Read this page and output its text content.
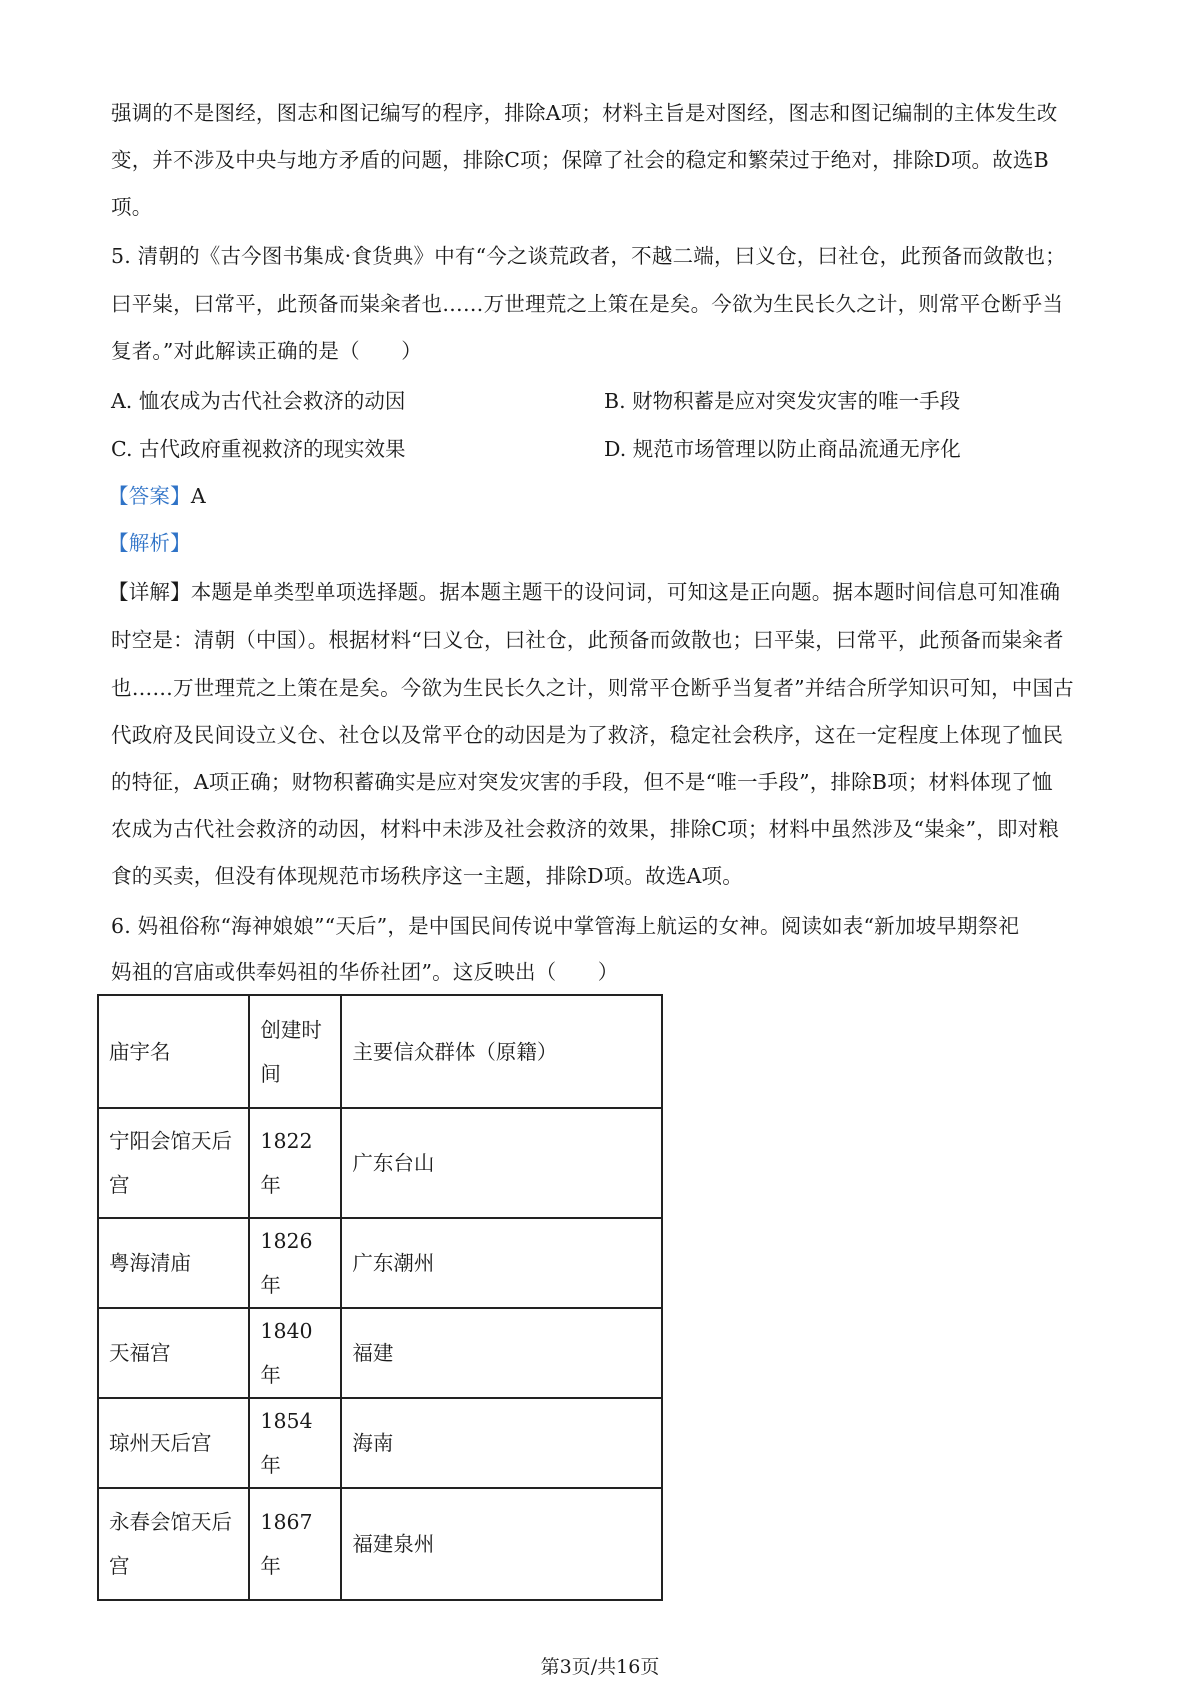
强调的不是图经，图志和图记编写的程序，排除A项；材料主旨是对图经，图志和图记编制的主体发生改
变，并不涉及中央与地方矛盾的问题，排除C项；保障了社会的稳定和繁荣过于绝对，排除D项。故选B
项。
5. 清朝的《古今图书集成·食货典》中有“今之谈荒政者，不越二端，曰义仓，曰社仓，此预备而敛散也；
曰平粜，曰常平，此预备而粜籴者也……万世理荒之上策在是矣。今欲为生民长久之计，则常平仓断乎当
复者。”对此解读正确的是（　　）
A. 恤农成为古代社会救济的动因	B. 财物积蓄是应对突发灾害的唯一手段
C. 古代政府重视救济的现实效果	D. 规范市场管理以防止商品流通无序化
【答案】A
【解析】
【详解】本题是单类型单项选择题。据本题主题干的设问词，可知这是正向题。据本题时间信息可知准确
时空是：清朝（中国）。根据材料“曰义仓，曰社仓，此预备而敛散也；曰平粜，曰常平，此预备而粜籴者
也……万世理荒之上策在是矣。今欲为生民长久之计，则常平仓断乎当复者”并结合所学知识可知，中国古
代政府及民间设立义仓、社仓以及常平仓的动因是为了救济，稳定社会秩序，这在一定程度上体现了恤民
的特征，A项正确；财物积蓄确实是应对突发灾害的手段，但不是“唯一手段”，排除B项；材料体现了恤
农成为古代社会救济的动因，材料中未涉及社会救济的效果，排除C项；材料中虽然涉及“粜籴”，即对粮
食的买卖，但没有体现规范市场秩序这一主题，排除D项。故选A项。
6. 妈祖俗称“海神娘娘”“天后”，是中国民间传说中掌管海上航运的女神。阅读如表“新加坡早期祭祀
妈祖的宫庙或供奉妈祖的华侨社团”。这反映出（　　）
庙宇名	创建时间	主要信众群体（原籍）
宁阳会馆天后宫	1822年	广东台山
粤海清庙	1826年	广东潮州
天福宫	1840年	福建
琼州天后宫	1854年	海南
永春会馆天后宫	1867年	福建泉州
第3页/共16页
